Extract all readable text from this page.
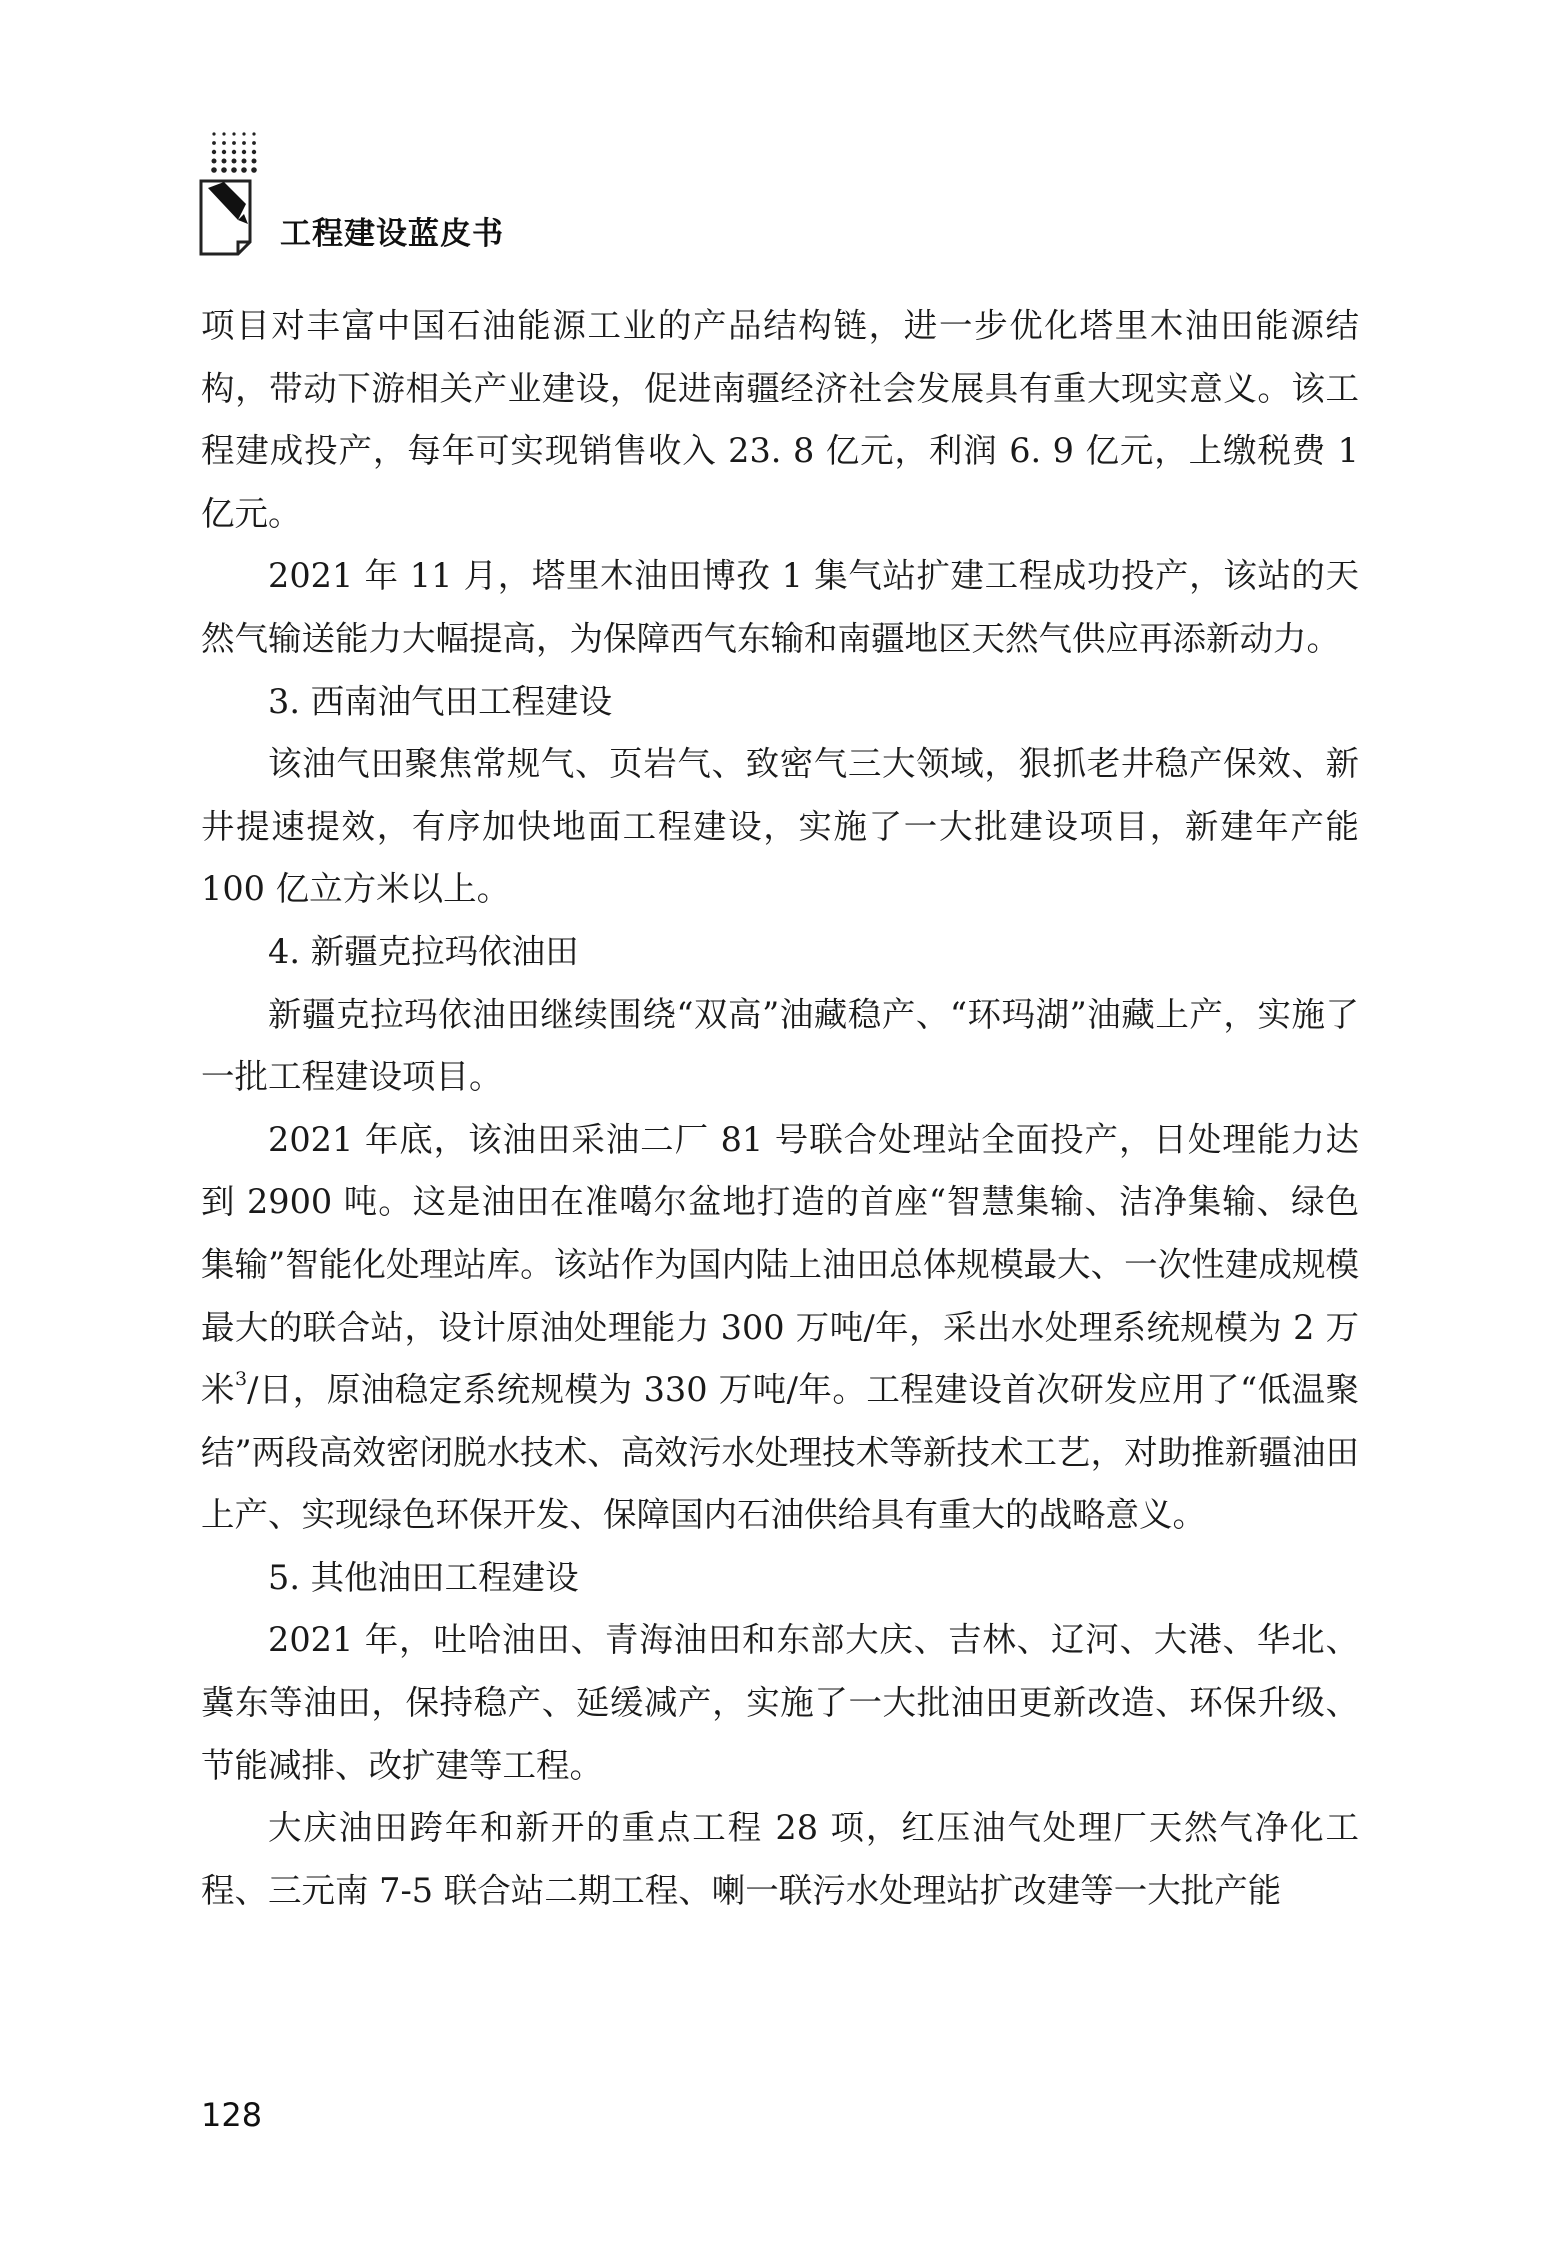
工程建设蓝皮书

项目对丰富中国石油能源工业的产品结构链，进一步优化塔里木油田能源结构，带动下游相关产业建设，促进南疆经济社会发展具有重大现实意义。该工程建成投产，每年可实现销售收入 23. 8 亿元，利润 6. 9 亿元，上缴税费 1 亿元。

2021 年 11 月，塔里木油田博孜 1 集气站扩建工程成功投产，该站的天然气输送能力大幅提高，为保障西气东输和南疆地区天然气供应再添新动力。

3. 西南油气田工程建设

该油气田聚焦常规气、页岩气、致密气三大领域，狠抓老井稳产保效、新井提速提效，有序加快地面工程建设，实施了一大批建设项目，新建年产能 100 亿立方米以上。

4. 新疆克拉玛依油田

新疆克拉玛依油田继续围绕“双高”油藏稳产、“环玛湖”油藏上产，实施了一批工程建设项目。

2021 年底，该油田采油二厂 81 号联合处理站全面投产，日处理能力达到 2900 吨。这是油田在准噶尔盆地打造的首座“智慧集输、洁净集输、绿色集输”智能化处理站库。该站作为国内陆上油田总体规模最大、一次性建成规模最大的联合站，设计原油处理能力 300 万吨/年，采出水处理系统规模为 2 万米$^3$/日，原油稳定系统规模为 330 万吨/年。工程建设首次研发应用了“低温聚结”两段高效密闭脱水技术、高效污水处理技术等新技术工艺，对助推新疆油田上产、实现绿色环保开发、保障国内石油供给具有重大的战略意义。

5. 其他油田工程建设

2021 年，吐哈油田、青海油田和东部大庆、吉林、辽河、大港、华北、冀东等油田，保持稳产、延缓减产，实施了一大批油田更新改造、环保升级、节能减排、改扩建等工程。

大庆油田跨年和新开的重点工程 28 项，红压油气处理厂天然气净化工程、三元南 7-5 联合站二期工程、喇一联污水处理站扩改建等一大批产能

128
